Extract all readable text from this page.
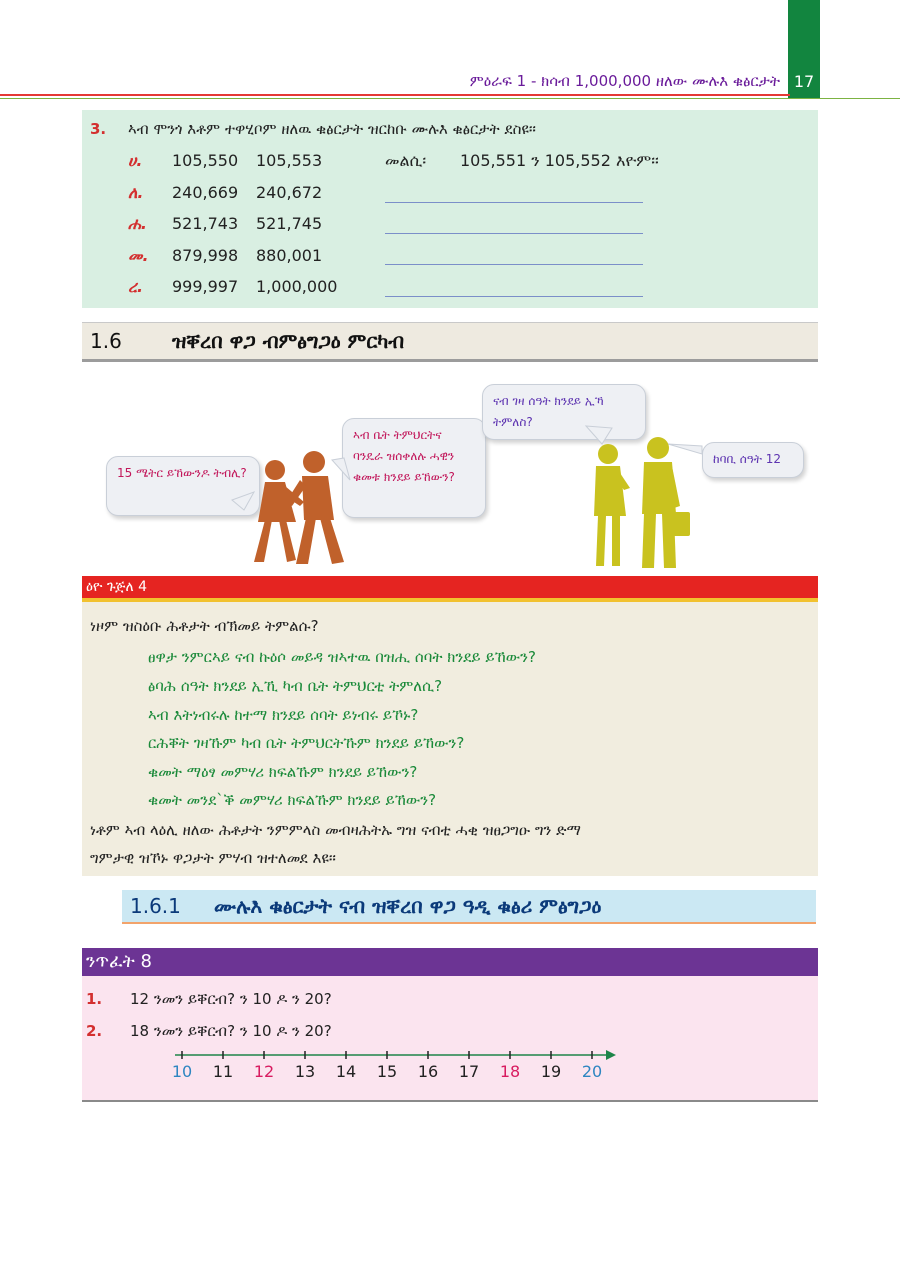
17
ምዕራፍ 1 - ክሳብ 1,000,000 ዘለው ሙሉእ ቁፅርታት
3. ኣብ ሞንጎ እቶም ተዋሂቦም ዘለዉ ቁፅርታት ዝርከቡ ሙሉእ ቁፅርታት ደስዩ፡፡
ሀ. 105,550 105,553	መልሲ፡ 105,551 ን 105,552 እዮም፡፡
ለ. 240,669 240,672
ሐ. 521,743 521,745
መ. 879,998 880,001
ረ. 999,997 1,000,000
1.6	ዝቐረበ ዋጋ ብምፅግጋዕ ምርካብ
15 ሜትር ይኸውንዶ ትብሊ?
ኣብ ቤት ትምህርትና ባንዴራ ዝሰቀለሉ ሓዊን ቁመቱ ክንደይ ይኸውን?
ናብ ገዛ ሰዓት ክንደይ ኢኻ ትምለስ?
ከባቢ ሰዓት 12
ዕዮ ጉጅለ 4
ነዞም ዝስዕቡ ሕቶታት ብኽመይ ትምልሱ?
ፀዋታ ንምርኣይ ናብ ኩዕሶ መይዳ ዝኣተዉ በዝሒ ሰባት ክንደይ ይኸውን?
ፅባሕ ሰዓት ክንደይ ኢኺ ካብ ቤት ትምህርቲ ትምለሲ?
ኣብ እትነብሩሉ ከተማ ክንደይ ሰባት ይነብሩ ይኾኑ?
ርሕቐት ገዛኹም ካብ ቤት ትምህርትኹም ክንደይ ይኸውን?
ቁመት ማዕፃ መምሃሪ ክፍልኹም ክንደይ ይኸውን?
ቁመት መንደ`ቕ መምሃሪ ክፍልኹም ክንደይ ይኸውን?
ነቶም ኣብ ላዕሊ ዘለው ሕቶታት ንምምላስ መብዛሕትኡ ግዝ ናብቲ ሓቂ ዝፀጋግዑ ግን ድማ
ግምታዊ ዝኾኑ ዋጋታት ምሃብ ዝተለመደ እዩ፡፡
1.6.1 ሙሉእ ቁፅርታት ናብ ዝቐረበ ዋጋ ዓዲ ቁፅሪ ምፅግጋዕ
ንጥፈት 8
1. 12 ንመን ይቐርብ? ን 10 ዶ ን 20?
2. 18 ንመን ይቐርብ? ን 10 ዶ ን 20?
10	11	12	13	14	15	16	17	18	19	20
